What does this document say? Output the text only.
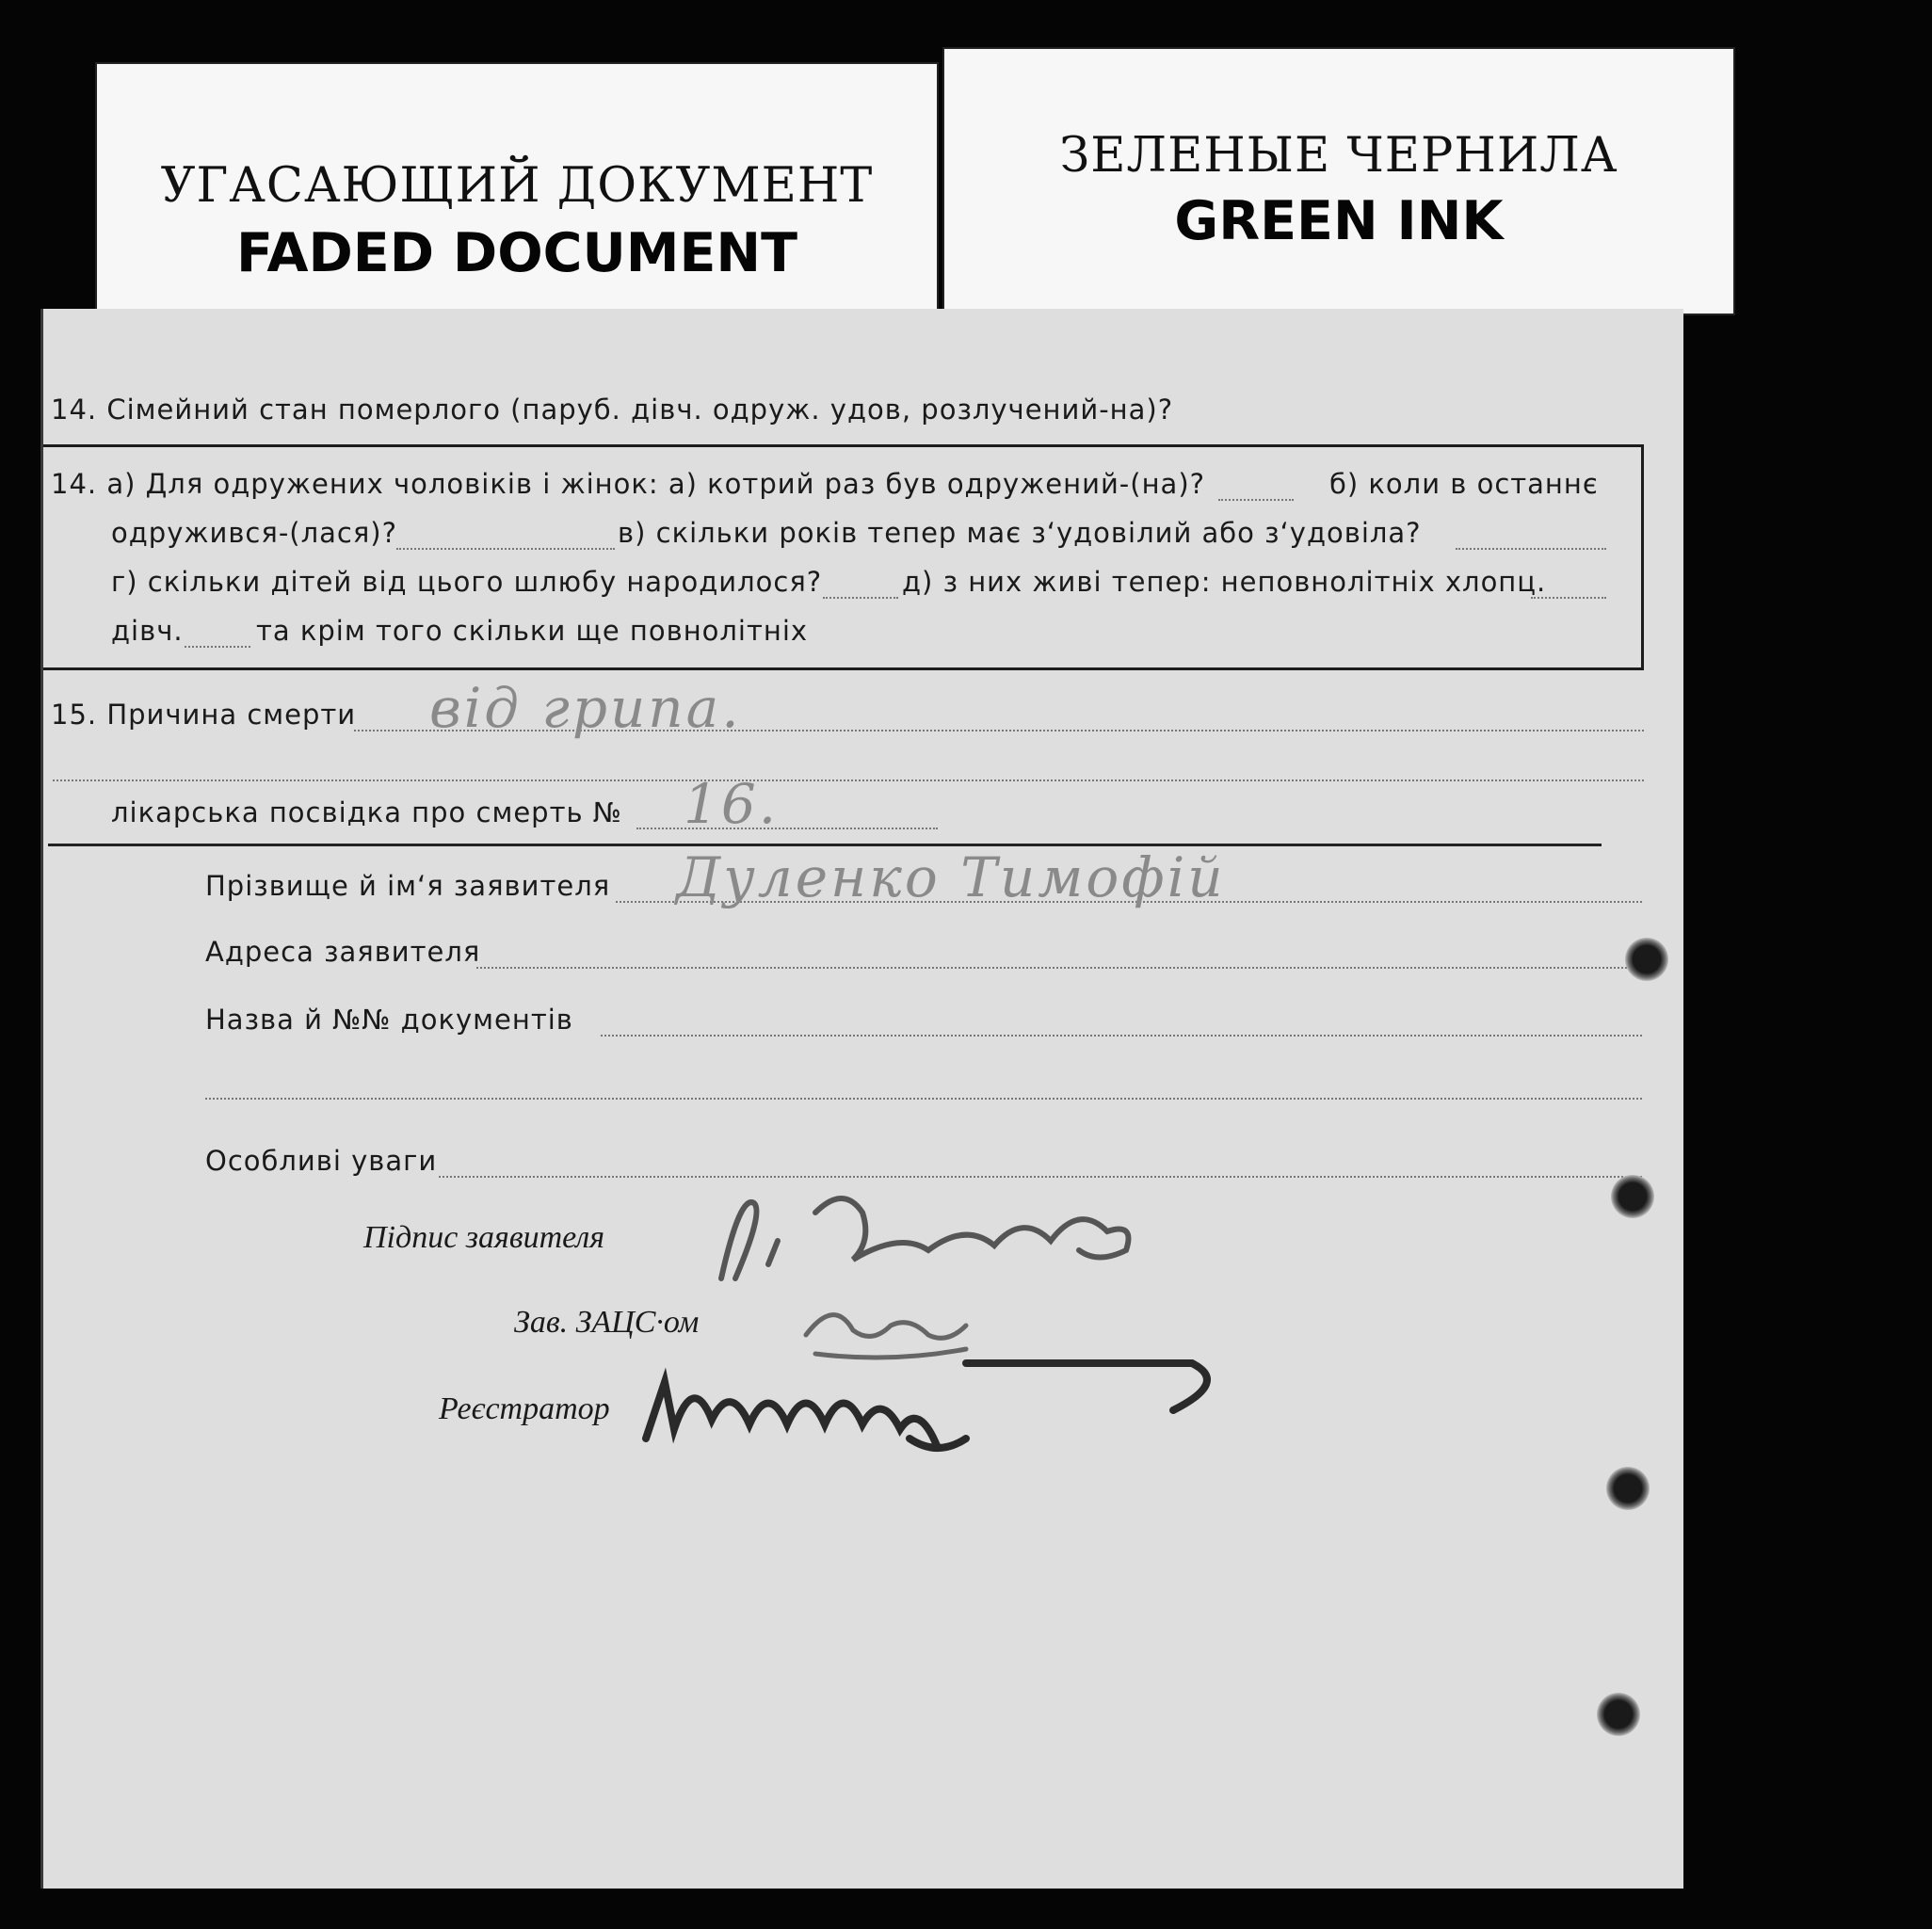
УГАСАЮЩИЙ ДОКУМЕНТ
FADED DOCUMENT
ЗЕЛЕНЫЕ ЧЕРНИЛА
GREEN INK
14. Сімейний стан померлого (паруб. дівч. одруж. удов, розлучений-на)?
14. а) Для одружених чоловіків і жінок: а) котрий раз був одружений-(на)?	б) коли в останнє
одружився-(лася)?	в) скільки років тепер має з‘удовілий або з‘удовіла?
г) скільки дітей від цього шлюбу народилося?	д) з них живі тепер: неповнолітніх хлопц.
дівч.	та крім того скільки ще повнолітніх
15. Причина смерти від грипа.
лікарська посвідка про смерть № 16.
Прізвище й ім‘я заявителя Дуленко Тимофій
Адреса заявителя
Назва й №№ документів
Особливі уваги
Підпис заявителя
Зав. ЗАЦС·ом
Реєстратор
